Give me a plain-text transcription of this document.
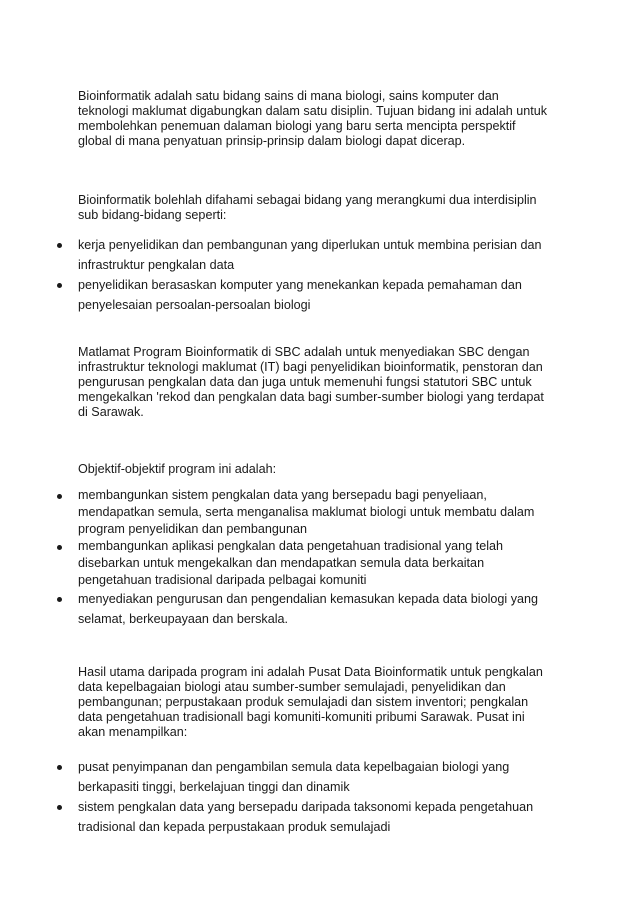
Bioinformatik adalah satu bidang sains di mana biologi, sains komputer dan
teknologi maklumat digabungkan dalam satu disiplin. Tujuan bidang ini adalah untuk
membolehkan penemuan dalaman biologi yang baru serta mencipta perspektif
global di mana penyatuan prinsip-prinsip dalam biologi dapat dicerap.

Bioinformatik bolehlah difahami sebagai bidang yang merangkumi dua interdisiplin
sub bidang-bidang seperti:

kerja penyelidikan dan pembangunan yang diperlukan untuk membina perisian dan
infrastruktur pengkalan data
penyelidikan berasaskan komputer yang menekankan kepada pemahaman dan
penyelesaian persoalan-persoalan biologi

Matlamat Program Bioinformatik di SBC adalah untuk menyediakan SBC dengan
infrastruktur teknologi maklumat (IT) bagi penyelidikan bioinformatik, penstoran dan
pengurusan pengkalan data dan juga untuk memenuhi fungsi statutori SBC untuk
mengekalkan 'rekod dan pengkalan data bagi sumber-sumber biologi yang terdapat
di Sarawak.

Objektif-objektif program ini adalah:

membangunkan sistem pengkalan data yang bersepadu bagi penyeliaan,
mendapatkan semula, serta menganalisa maklumat biologi untuk membatu dalam
program penyelidikan dan pembangunan
membangunkan aplikasi pengkalan data pengetahuan tradisional yang telah
disebarkan untuk mengekalkan dan mendapatkan semula data berkaitan
pengetahuan tradisional daripada pelbagai komuniti
menyediakan pengurusan dan pengendalian kemasukan kepada data biologi yang
selamat, berkeupayaan dan berskala.

Hasil utama daripada program ini adalah Pusat Data Bioinformatik untuk pengkalan
data kepelbagaian biologi atau sumber-sumber semulajadi, penyelidikan dan
pembangunan; perpustakaan produk semulajadi dan sistem inventori; pengkalan
data pengetahuan tradisionall bagi komuniti-komuniti pribumi Sarawak. Pusat ini
akan menampilkan:

pusat penyimpanan dan pengambilan semula data kepelbagaian biologi yang
berkapasiti tinggi, berkelajuan tinggi dan dinamik
sistem pengkalan data yang bersepadu daripada taksonomi kepada pengetahuan
tradisional dan kepada perpustakaan produk semulajadi
